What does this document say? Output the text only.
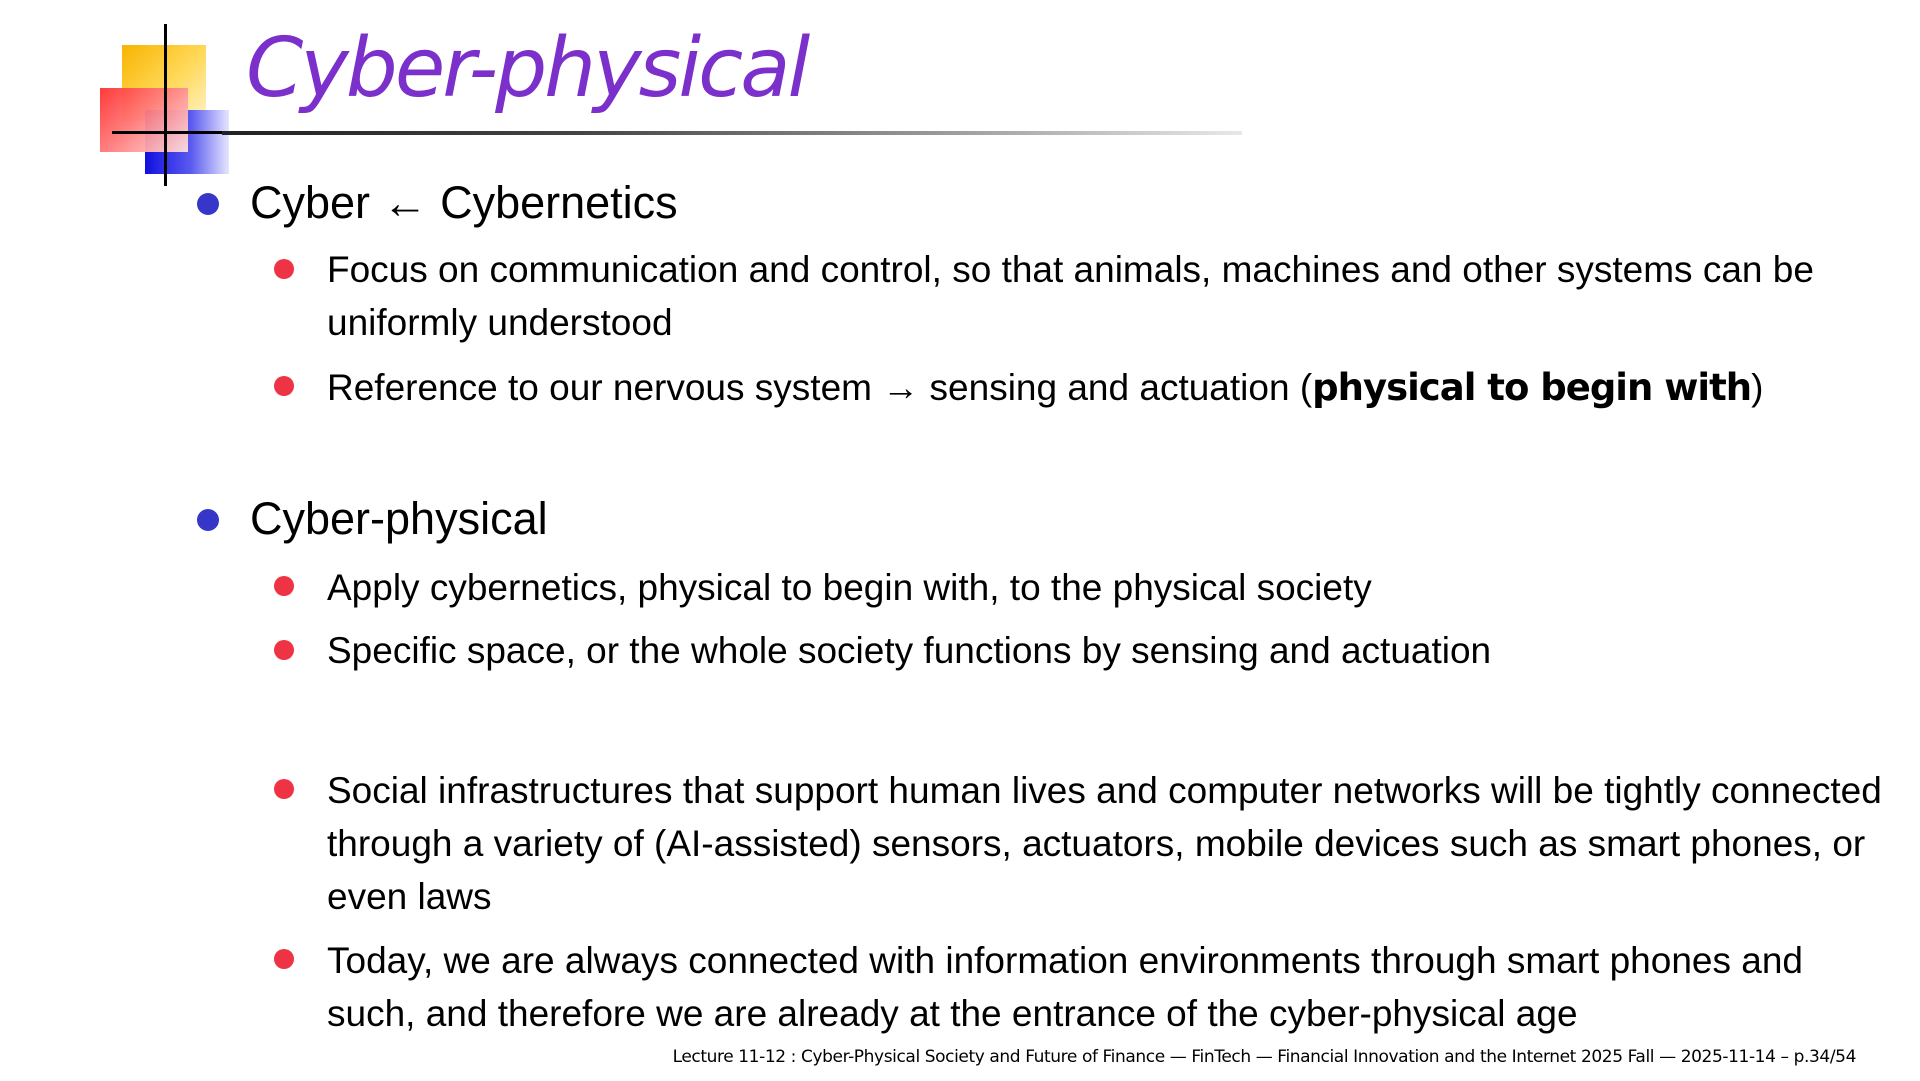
Cyber-physical
Cyber ← Cybernetics
Focus on communication and control, so that animals, machines and other systems can be uniformly understood
Reference to our nervous system → sensing and actuation (physical to begin with)
Cyber-physical
Apply cybernetics, physical to begin with, to the physical society
Specific space, or the whole society functions by sensing and actuation
Social infrastructures that support human lives and computer networks will be tightly connected through a variety of (AI-assisted) sensors, actuators, mobile devices such as smart phones, or even laws
Today, we are always connected with information environments through smart phones and such, and therefore we are already at the entrance of the cyber-physical age
Lecture 11-12 : Cyber-Physical Society and Future of Finance — FinTech — Financial Innovation and the Internet 2025 Fall — 2025-11-14 – p.34/54
